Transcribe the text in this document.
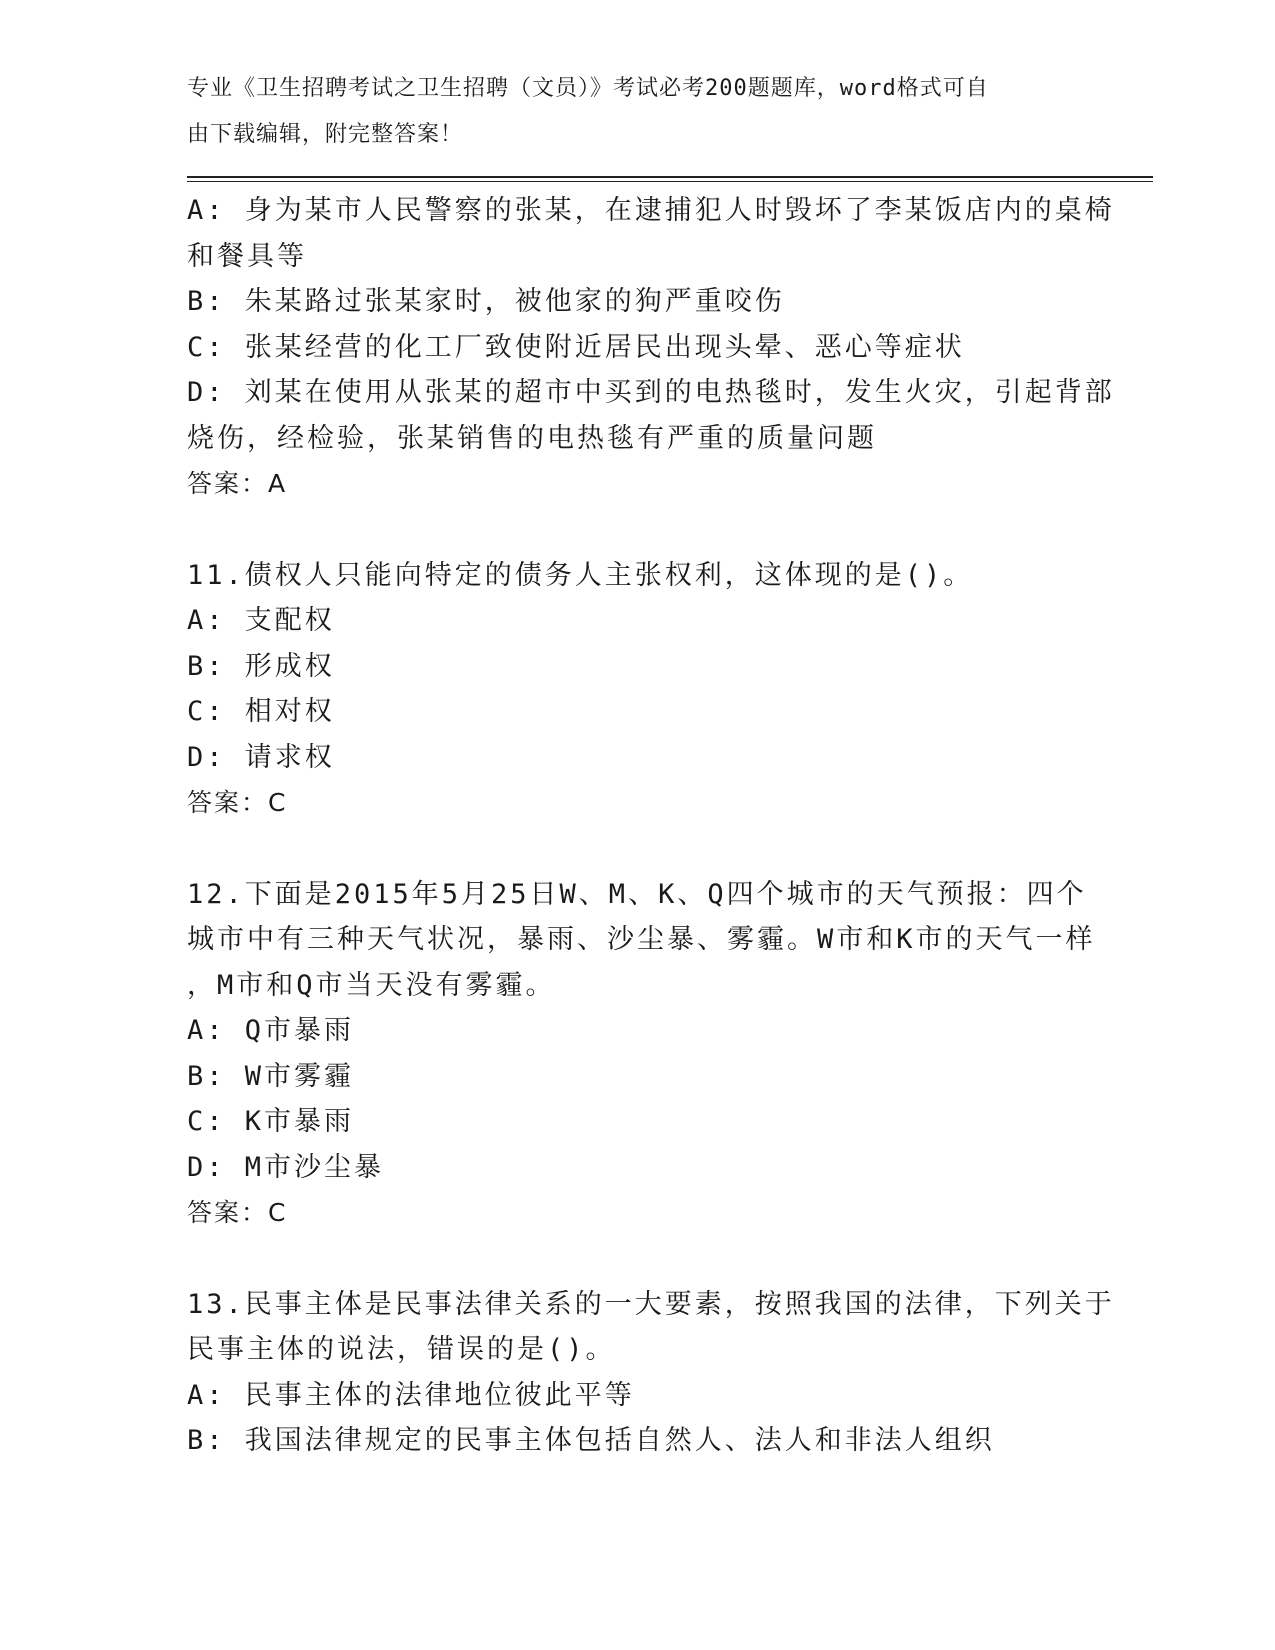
专业《卫生招聘考试之卫生招聘（文员）》考试必考200题题库，word格式可自
由下载编辑，附完整答案！
A: 身为某市人民警察的张某，在逮捕犯人时毁坏了李某饭店内的桌椅
和餐具等
B: 朱某路过张某家时，被他家的狗严重咬伤
C: 张某经营的化工厂致使附近居民出现头晕、恶心等症状
D: 刘某在使用从张某的超市中买到的电热毯时，发生火灾，引起背部
烧伤，经检验，张某销售的电热毯有严重的质量问题
答案：A
11.债权人只能向特定的债务人主张权利，这体现的是()。
A: 支配权
B: 形成权
C: 相对权
D: 请求权
答案：C
12.下面是2015年5月25日W、M、K、Q四个城市的天气预报：四个
城市中有三种天气状况，暴雨、沙尘暴、雾霾。W市和K市的天气一样
，M市和Q市当天没有雾霾。
A: Q市暴雨
B: W市雾霾
C: K市暴雨
D: M市沙尘暴
答案：C
13.民事主体是民事法律关系的一大要素，按照我国的法律，下列关于
民事主体的说法，错误的是()。
A: 民事主体的法律地位彼此平等
B: 我国法律规定的民事主体包括自然人、法人和非法人组织
